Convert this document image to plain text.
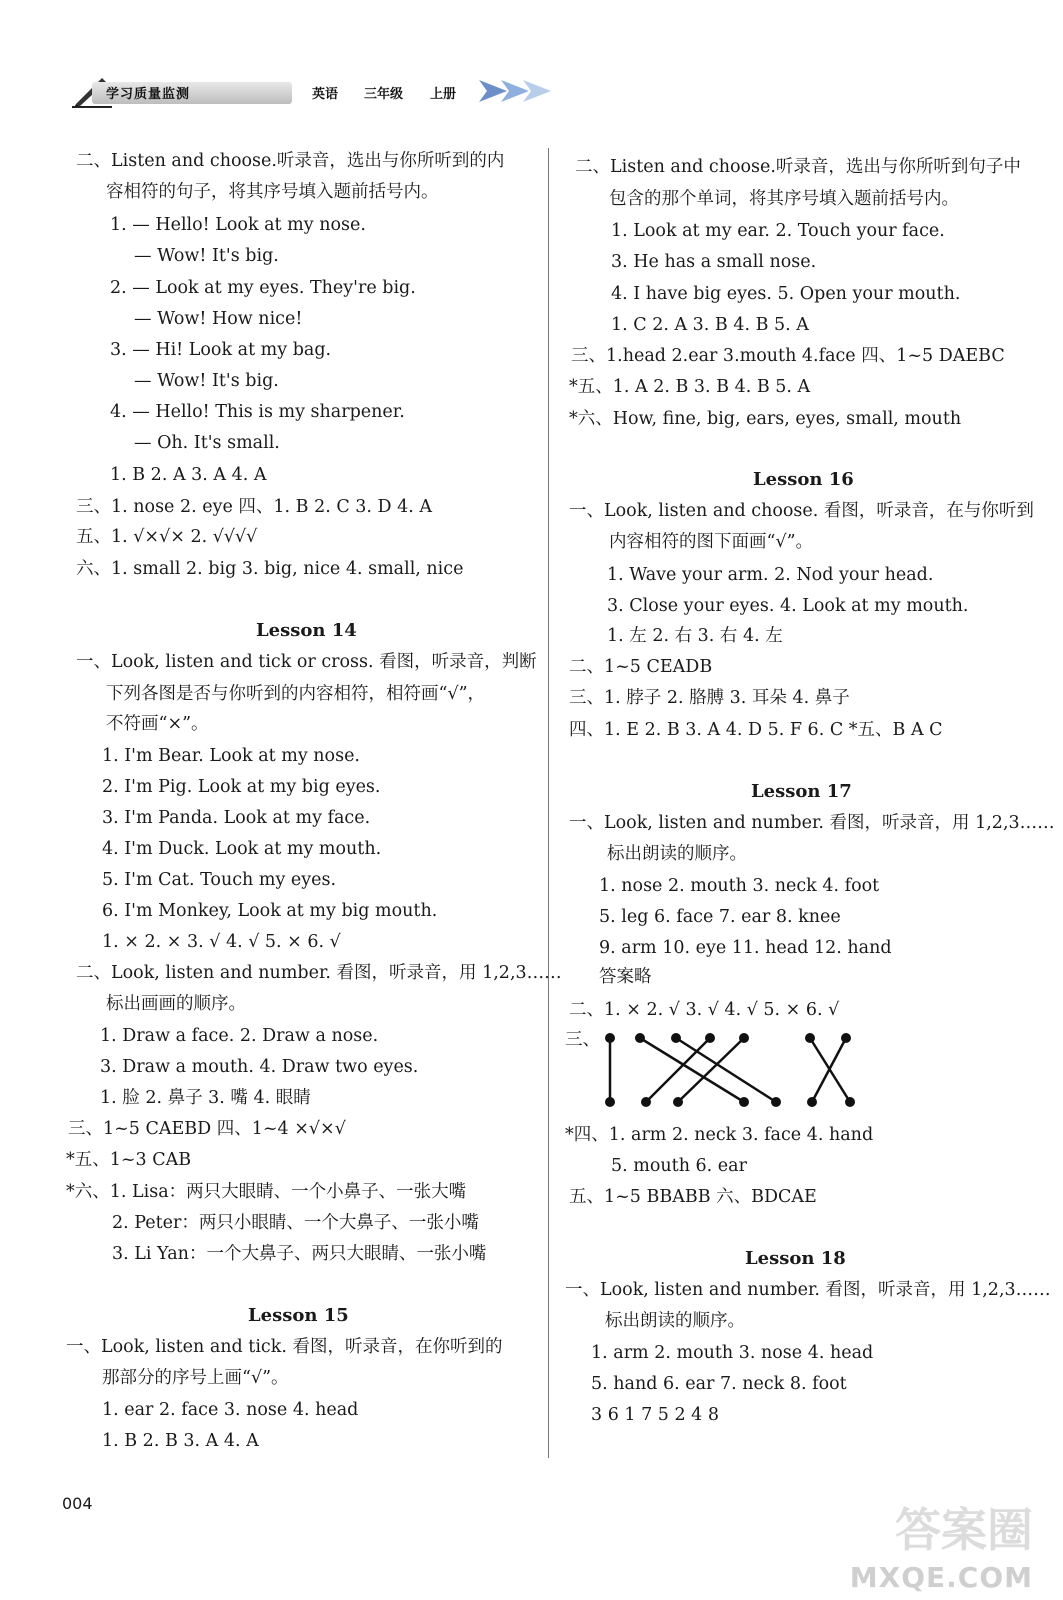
学习质量监测	英语 三年级 上册
二、Listen and choose.听录音，选出与你所听到的内
容相符的句子，将其序号填入题前括号内。
1. — Hello! Look at my nose.
— Wow! It's big.
2. — Look at my eyes. They're big.
— Wow! How nice!
3. — Hi! Look at my bag.
— Wow! It's big.
4. — Hello! This is my sharpener.
— Oh. It's small.
1. B 2. A 3. A 4. A
三、1. nose 2. eye 四、1. B 2. C 3. D 4. A
五、1. √×√× 2. √√√√
六、1. small 2. big 3. big, nice 4. small, nice
Lesson 14
一、Look, listen and tick or cross. 看图，听录音，判断
下列各图是否与你听到的内容相符，相符画“√”，
不符画“×”。
1. I'm Bear. Look at my nose.
2. I'm Pig. Look at my big eyes.
3. I'm Panda. Look at my face.
4. I'm Duck. Look at my mouth.
5. I'm Cat. Touch my eyes.
6. I'm Monkey, Look at my big mouth.
1. × 2. × 3. √ 4. √ 5. × 6. √
二、Look, listen and number. 看图，听录音，用 1,2,3……
标出画画的顺序。
1. Draw a face. 2. Draw a nose.
3. Draw a mouth. 4. Draw two eyes.
1. 脸 2. 鼻子 3. 嘴 4. 眼睛
三、1~5 CAEBD 四、1~4 ×√×√
*五、1~3 CAB
*六、1. Lisa：两只大眼睛、一个小鼻子、一张大嘴
2. Peter：两只小眼睛、一个大鼻子、一张小嘴
3. Li Yan：一个大鼻子、两只大眼睛、一张小嘴
Lesson 15
一、Look, listen and tick. 看图，听录音，在你听到的
那部分的序号上画“√”。
1. ear 2. face 3. nose 4. head
1. B 2. B 3. A 4. A
二、Listen and choose.听录音，选出与你所听到句子中
包含的那个单词，将其序号填入题前括号内。
1. Look at my ear. 2. Touch your face.
3. He has a small nose.
4. I have big eyes. 5. Open your mouth.
1. C 2. A 3. B 4. B 5. A
三、1.head 2.ear 3.mouth 4.face 四、1~5 DAEBC
*五、1. A 2. B 3. B 4. B 5. A
*六、How, fine, big, ears, eyes, small, mouth
Lesson 16
一、Look, listen and choose. 看图，听录音，在与你听到
内容相符的图下面画“√”。
1. Wave your arm. 2. Nod your head.
3. Close your eyes. 4. Look at my mouth.
1. 左 2. 右 3. 右 4. 左
二、1~5 CEADB
三、1. 脖子 2. 胳膊 3. 耳朵 4. 鼻子
四、1. E 2. B 3. A 4. D 5. F 6. C *五、B A C
Lesson 17
一、Look, listen and number. 看图，听录音，用 1,2,3……
标出朗读的顺序。
1. nose 2. mouth 3. neck 4. foot
5. leg 6. face 7. ear 8. knee
9. arm 10. eye 11. head 12. hand
答案略
二、1. × 2. √ 3. √ 4. √ 5. × 6. √
三、
*四、1. arm 2. neck 3. face 4. hand
5. mouth 6. ear
五、1~5 BBABB 六、BDCAE
Lesson 18
一、Look, listen and number. 看图，听录音，用 1,2,3……
标出朗读的顺序。
1. arm 2. mouth 3. nose 4. head
5. hand 6. ear 7. neck 8. foot
3 6 1 7 5 2 4 8
004	答案圈
MXQE.COM
